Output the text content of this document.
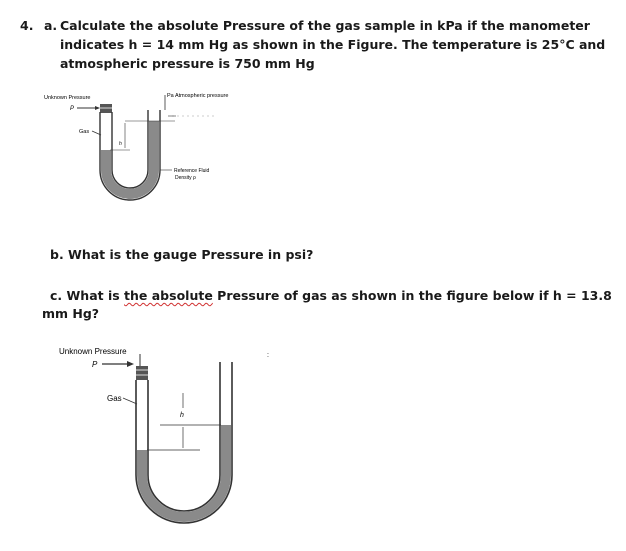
4. a. Calculate the absolute Pressure of the gas sample in kPa if the manometer
indicates h = 14 mm Hg as shown in the Figure. The temperature is 25°C and
atmospheric pressure is 750 mm Hg
b. What is the gauge Pressure in psi?
c. What is the absolute Pressure of gas as shown in the figure below if h = 13.8
mm Hg?
Unknown Pressure
P
Pa Atmospheric pressure
Gas
h
Reference Fluid
Density ρ
Unknown Pressure
P
Gas
h
:
